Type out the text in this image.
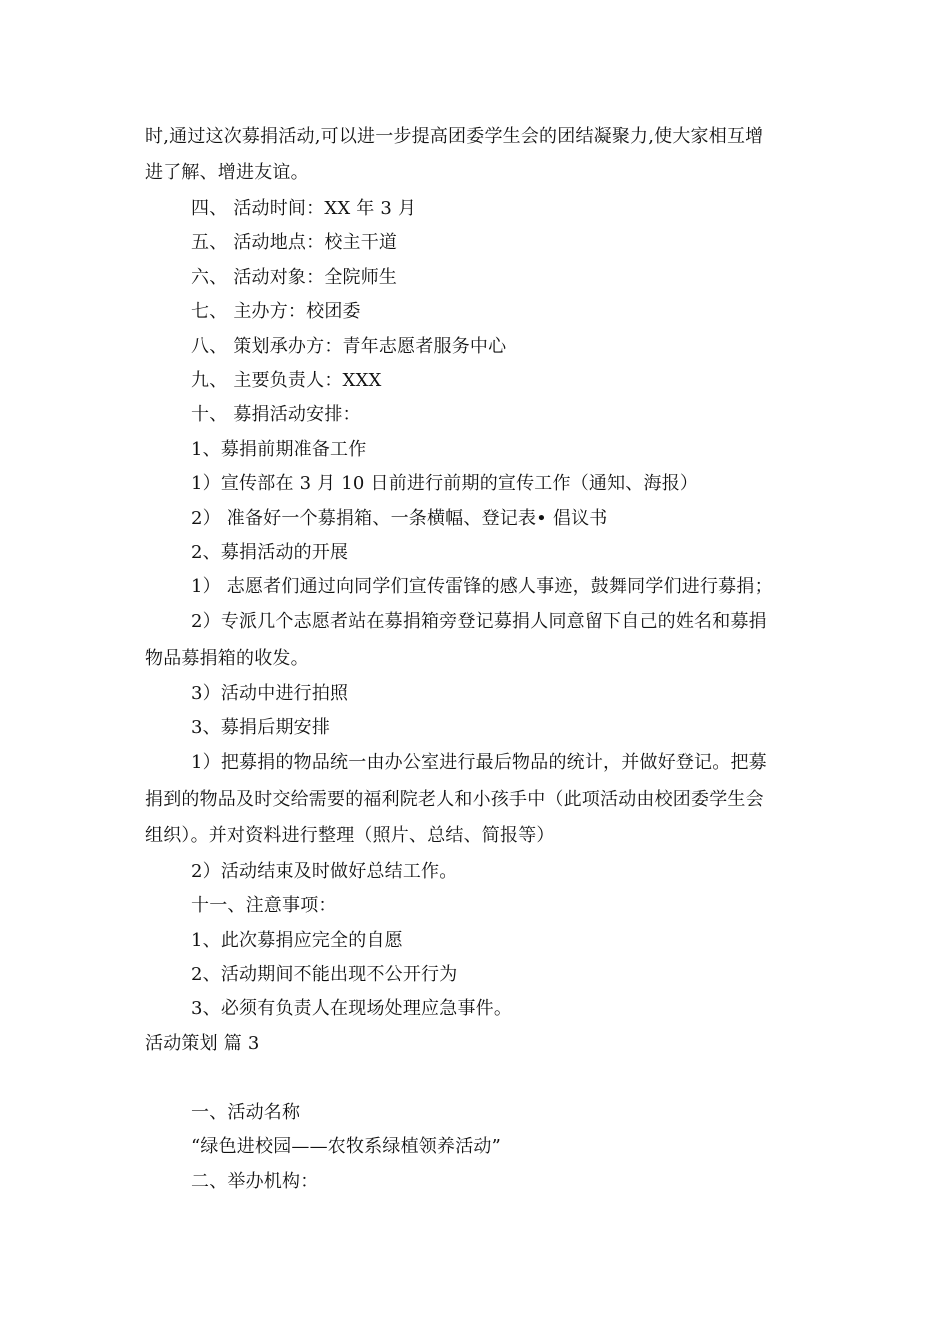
时,通过这次募捐活动,可以进一步提高团委学生会的团结凝聚力,使大家相互增
进了解、增进友谊。
四、 活动时间：XX 年 3 月
五、 活动地点：校主干道
六、 活动对象：全院师生
七、 主办方：校团委
八、 策划承办方：青年志愿者服务中心
九、 主要负责人：XXX
十、 募捐活动安排：
1、募捐前期准备工作
1）宣传部在 3 月 10 日前进行前期的宣传工作（通知、海报）
2） 准备好一个募捐箱、一条横幅、登记表• 倡议书
2、募捐活动的开展
1） 志愿者们通过向同学们宣传雷锋的感人事迹，鼓舞同学们进行募捐；
2）专派几个志愿者站在募捐箱旁登记募捐人同意留下自己的姓名和募捐
物品募捐箱的收发。
3）活动中进行拍照
3、募捐后期安排
1）把募捐的物品统一由办公室进行最后物品的统计，并做好登记。把募
捐到的物品及时交给需要的福利院老人和小孩手中（此项活动由校团委学生会
组织）。并对资料进行整理（照片、总结、简报等）
2）活动结束及时做好总结工作。
十一、注意事项：
1、此次募捐应完全的自愿
2、活动期间不能出现不公开行为
3、必须有负责人在现场处理应急事件。
活动策划 篇 3
一、活动名称
“绿色进校园——农牧系绿植领养活动”
二、举办机构：
